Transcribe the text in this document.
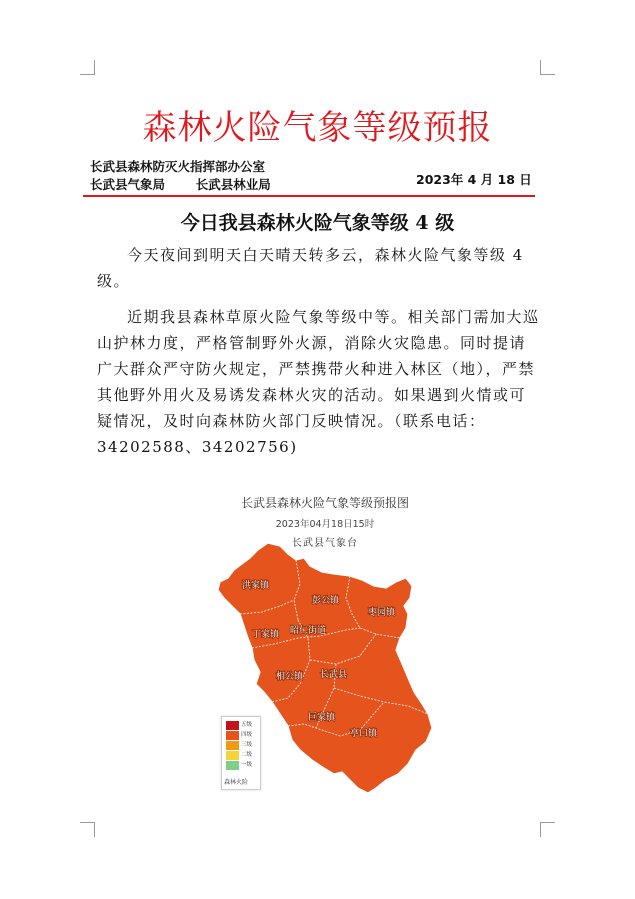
森林火险气象等级预报
长武县森林防灭火指挥部办公室
长武县气象局 长武县林业局	2023年 4 月 18 日
今日我县森林火险气象等级 4 级

今天夜间到明天白天晴天转多云，森林火险气象等级 4 级。

近期我县森林草原火险气象等级中等。相关部门需加大巡山护林力度，严格管制野外火源，消除火灾隐患。同时提请广大群众严守防火规定，严禁携带火种进入林区（地），严禁其他野外用火及易诱发森林火灾的活动。如果遇到火情或可疑情况，及时向森林防火部门反映情况。（联系电话：34202588、34202756)

洪家镇
彭公镇
枣园镇
丁家镇 昭仁街道
相公镇 长武县
巨家镇
亭口镇
长武县森林火险气象等级预报图
2023年04月18日15时
长武县气象台
五级
四级
三级
二级
一级
森林火险
